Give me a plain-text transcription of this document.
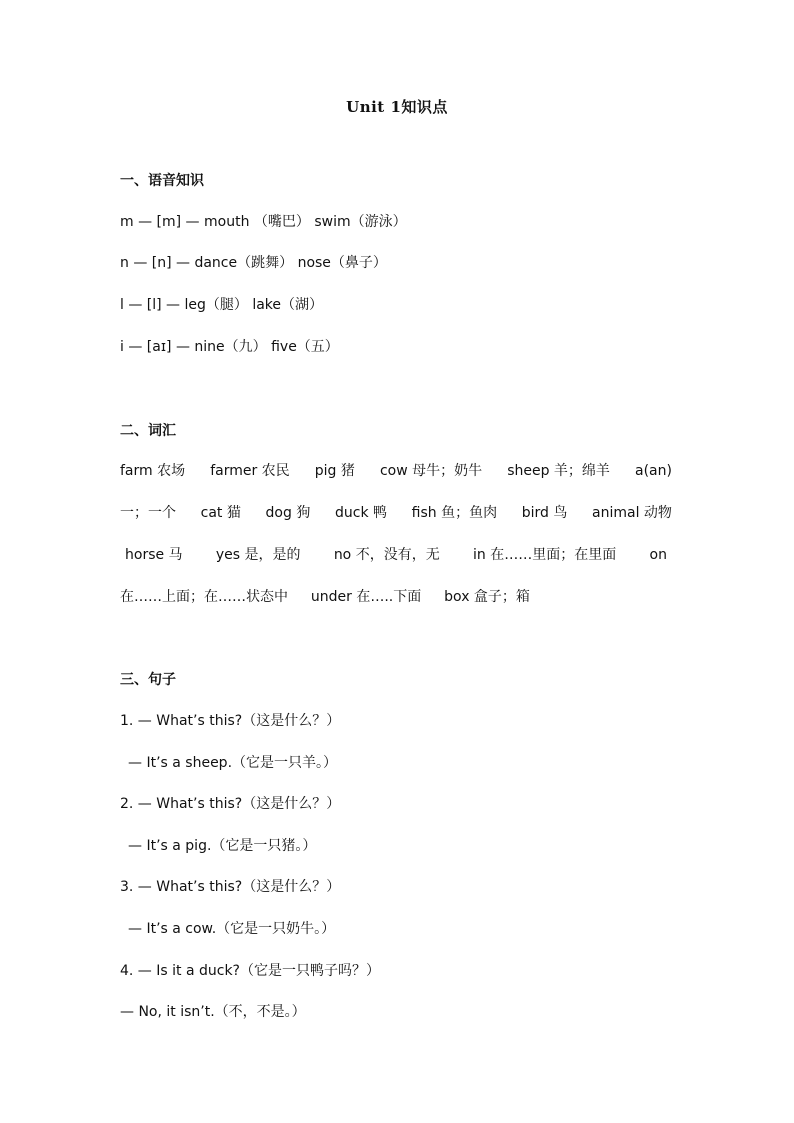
Unit 1知识点
一、语音知识
m — [m] — mouth （嘴巴） swim（游泳）
n — [n] — dance（跳舞） nose（鼻子）
l — [l] — leg（腿） lake（湖）
i — [aɪ] — nine（九） five（五）
二、词汇
farm 农场 farmer 农民 pig 猪 cow 母牛；奶牛 sheep 羊；绵羊 a(an)
一；一个 cat 猫 dog 狗 duck 鸭 fish 鱼；鱼肉 bird 鸟 animal 动物
horse 马 yes 是，是的 no 不，没有，无 in 在……里面；在里面 on
在……上面；在……状态中 under 在…..下面 box 盒子；箱
三、句子
1. — What’s this?（这是什么？）
— It’s a sheep.（它是一只羊。）
2. — What’s this?（这是什么？）
— It’s a pig.（它是一只猪。）
3. — What’s this?（这是什么？）
— It’s a cow.（它是一只奶牛。）
4. — Is it a duck?（它是一只鸭子吗？）
— No, it isn’t.（不，不是。）
